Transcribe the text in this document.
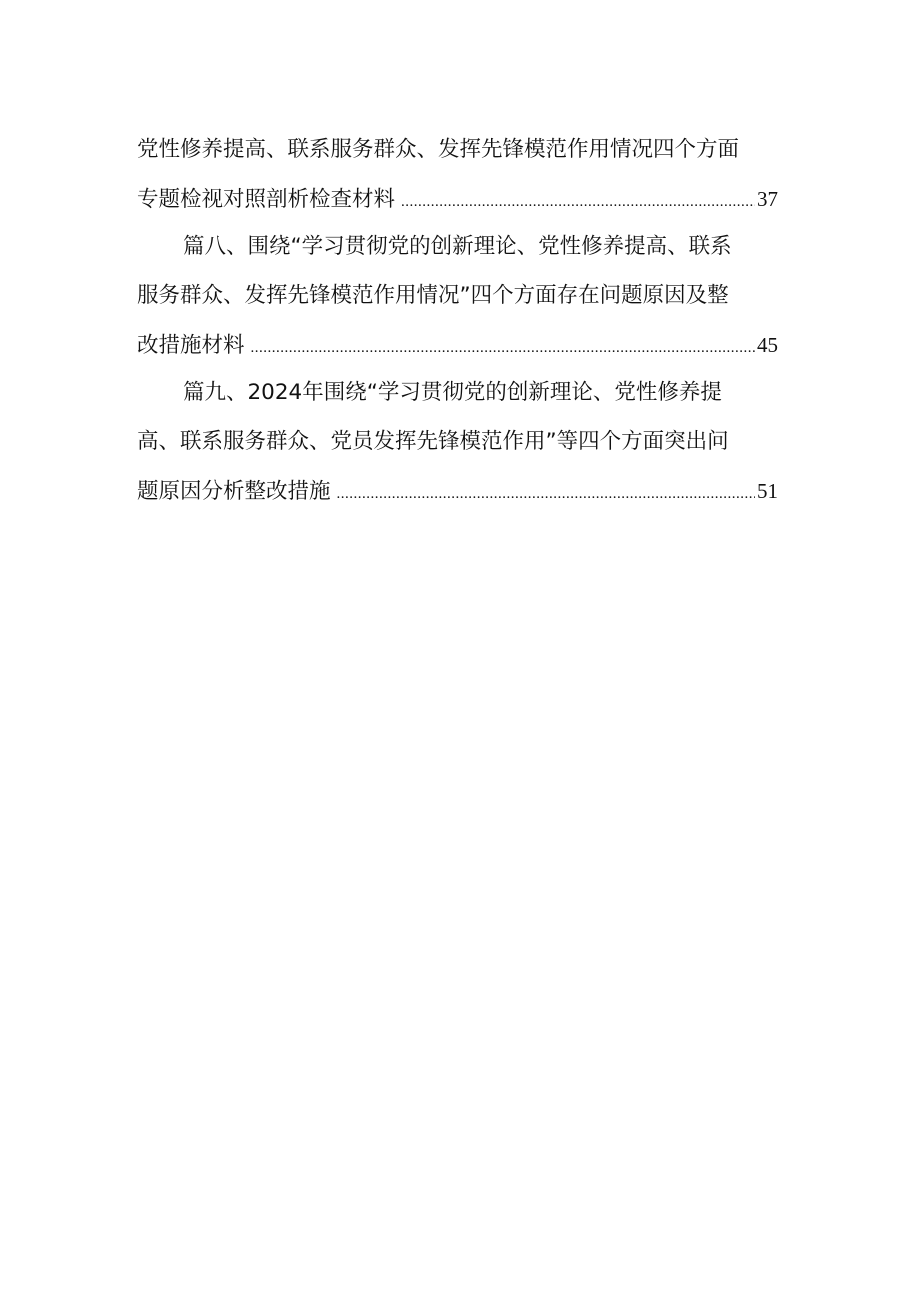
党性修养提高、联系服务群众、发挥先锋模范作用情况四个方面
专题检视对照剖析检查材料 .....	37
篇八、围绕“学习贯彻党的创新理论、党性修养提高、联系
服务群众、发挥先锋模范作用情况”四个方面存在问题原因及整
改措施材料 .....	45
篇九、2024年围绕“学习贯彻党的创新理论、党性修养提
高、联系服务群众、党员发挥先锋模范作用”等四个方面突出问
题原因分析整改措施 .....	51
